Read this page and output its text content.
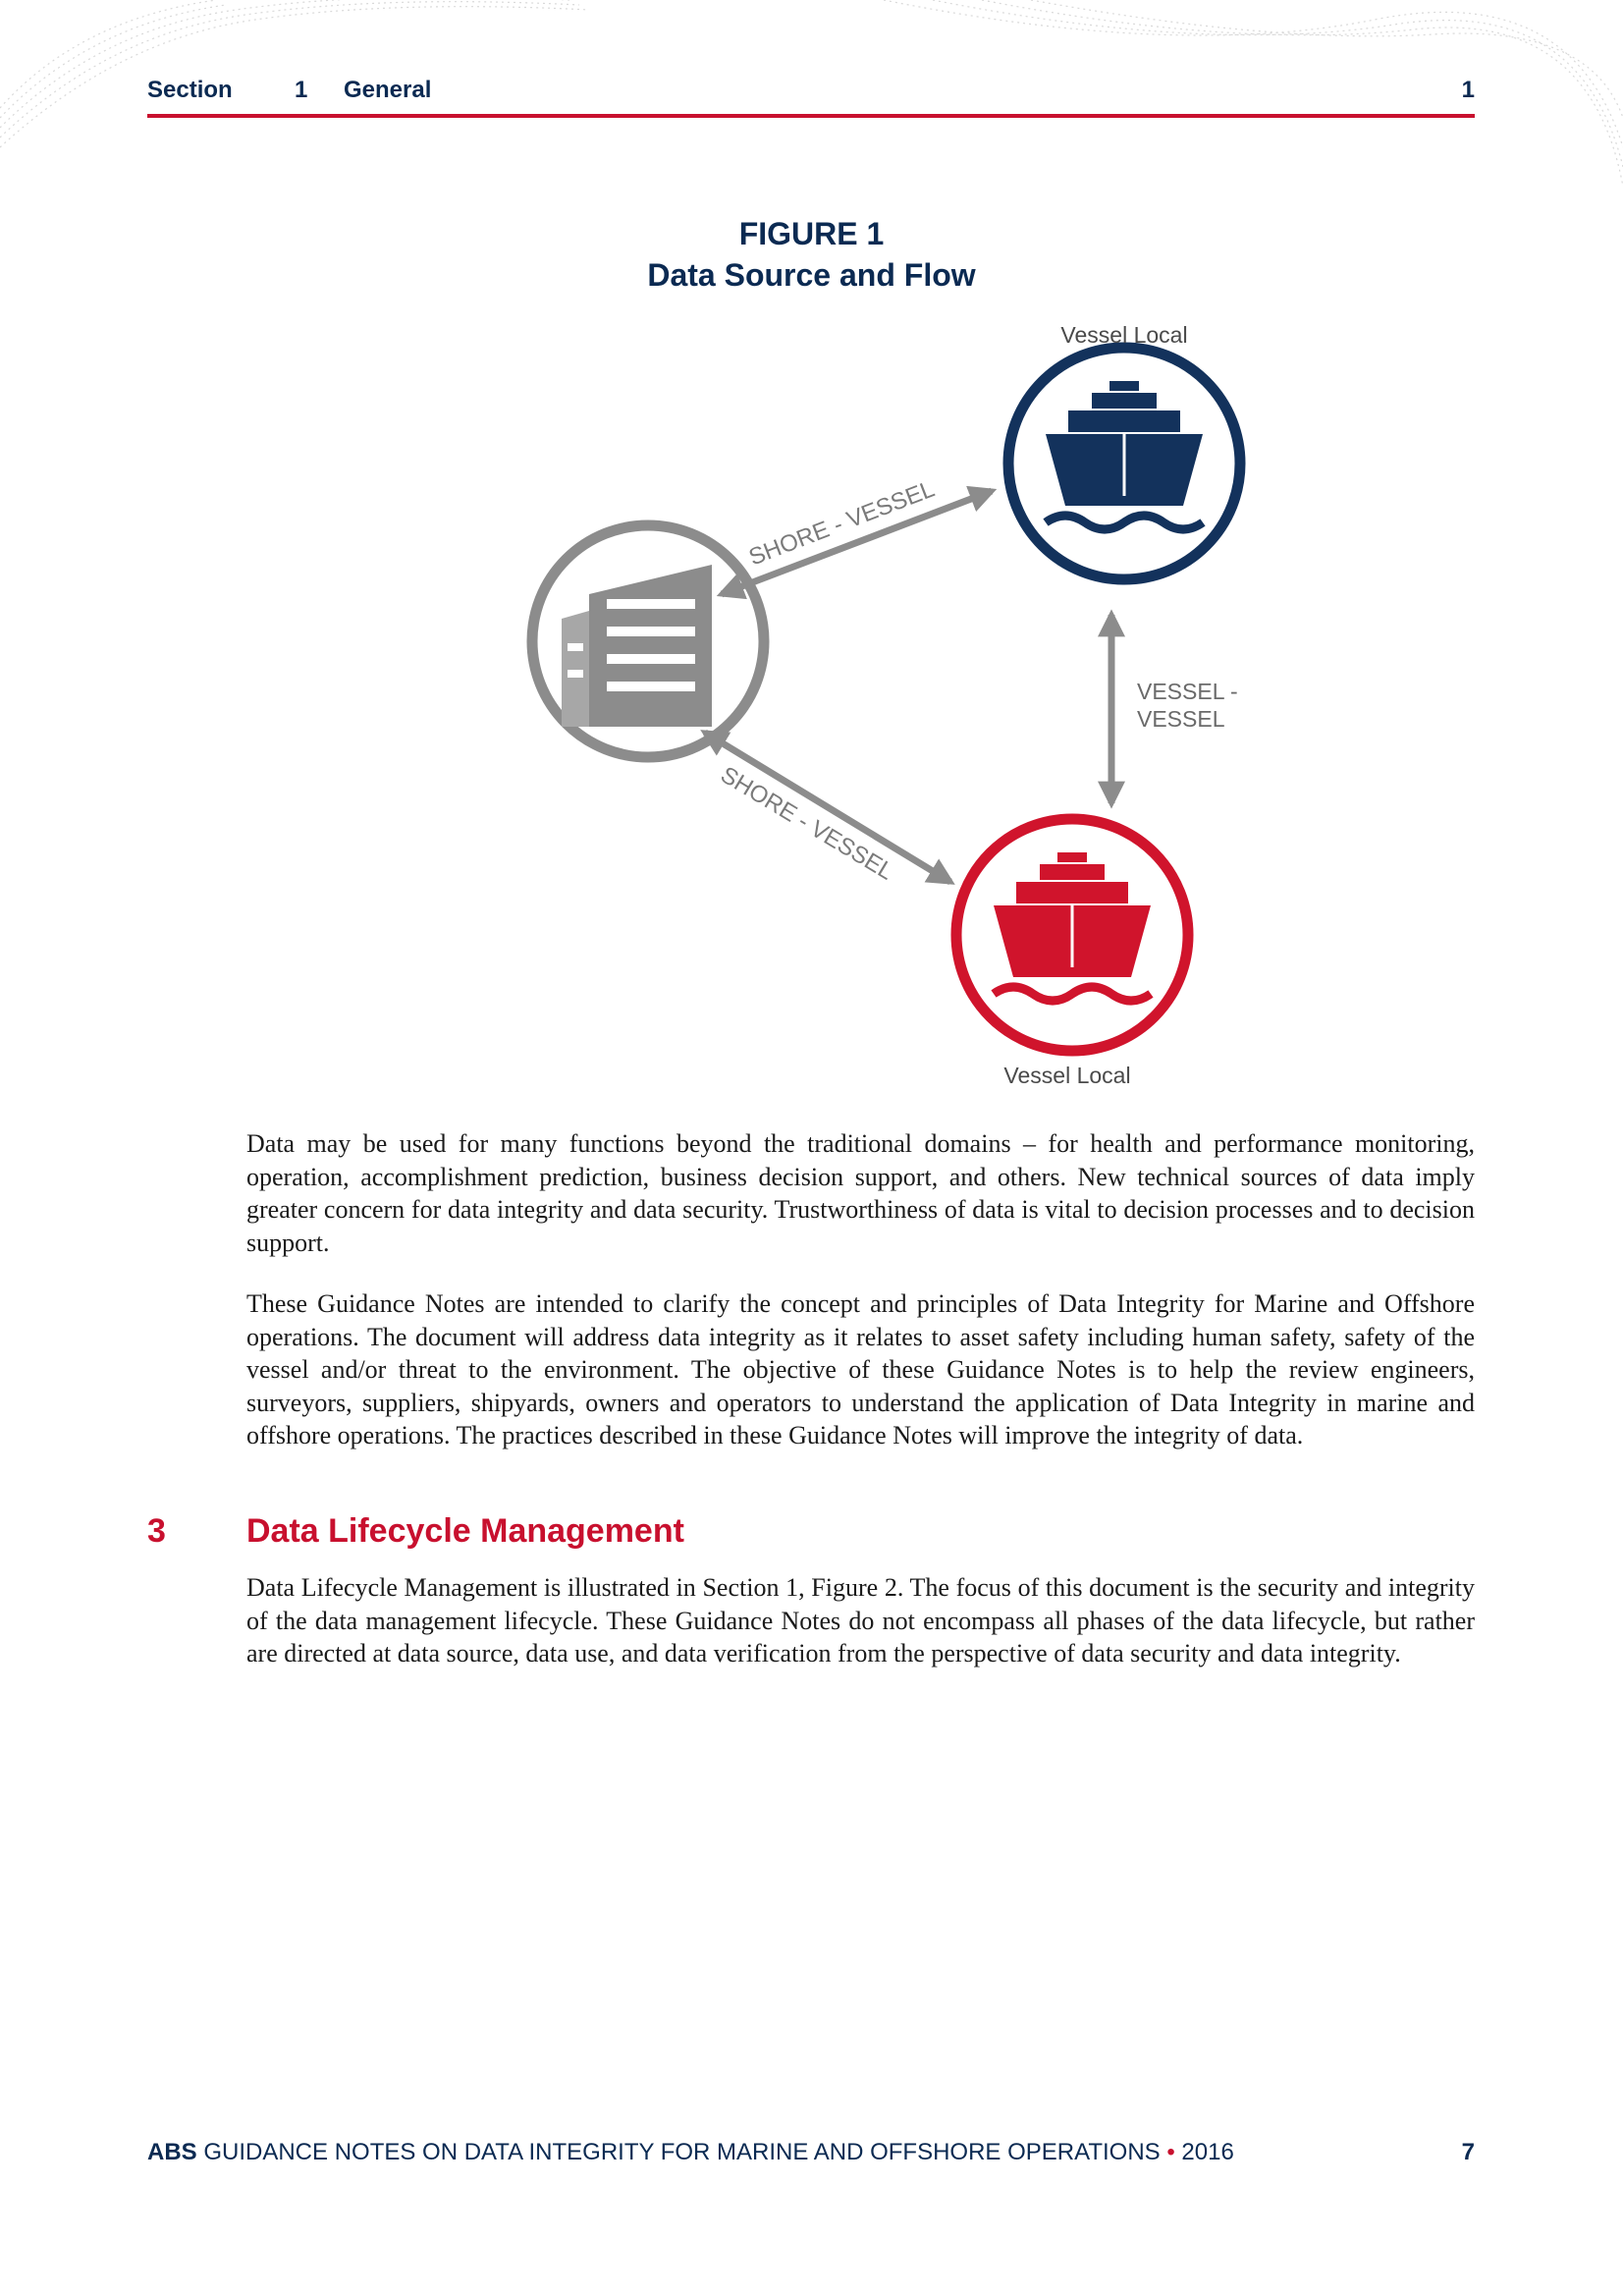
Section	1 General	1
FIGURE 1
Data Source and Flow
Vessel Local
Vessel Local
SHORE - VESSEL
SHORE - VESSEL
VESSEL -
VESSEL

Data may be used for many functions beyond the traditional domains – for health and performance monitoring, operation, accomplishment prediction, business decision support, and others. New technical sources of data imply greater concern for data integrity and data security. Trustworthiness of data is vital to decision processes and to decision support.

These Guidance Notes are intended to clarify the concept and principles of Data Integrity for Marine and Offshore operations. The document will address data integrity as it relates to asset safety including human safety, safety of the vessel and/or threat to the environment. The objective of these Guidance Notes is to help the review engineers, surveyors, suppliers, shipyards, owners and operators to understand the application of Data Integrity in marine and offshore operations. The practices described in these Guidance Notes will improve the integrity of data.

3 Data Lifecycle Management

Data Lifecycle Management is illustrated in Section 1, Figure 2. The focus of this document is the security and integrity of the data management lifecycle. These Guidance Notes do not encompass all phases of the data lifecycle, but rather are directed at data source, data use, and data verification from the perspective of data security and data integrity.

ABS GUIDANCE NOTES ON DATA INTEGRITY FOR MARINE AND OFFSHORE OPERATIONS • 2016	7
